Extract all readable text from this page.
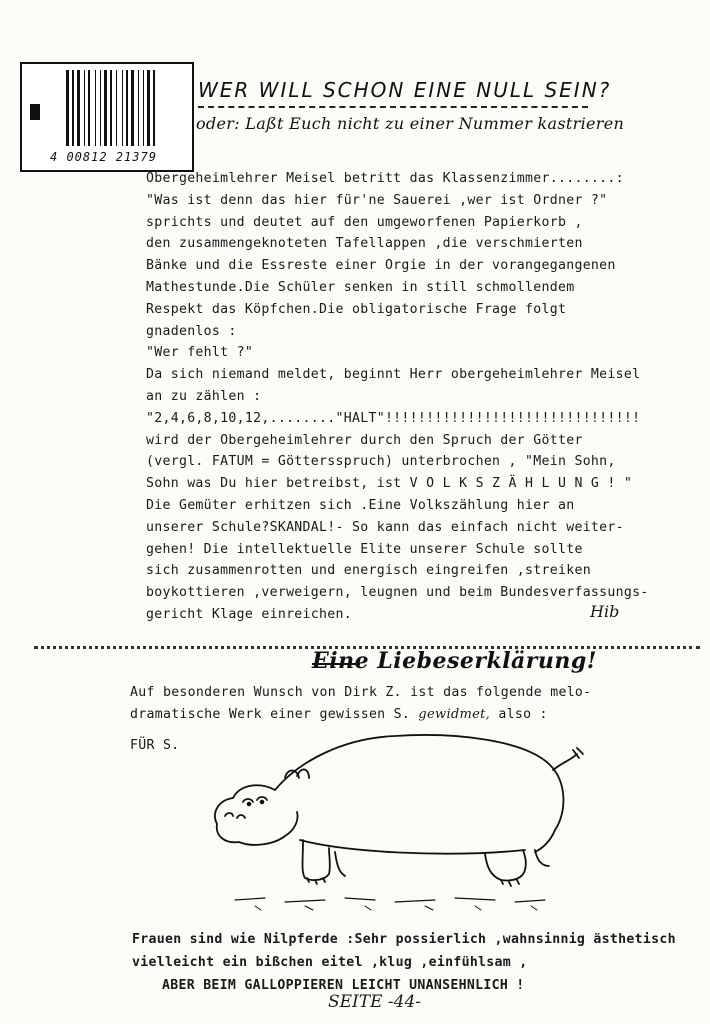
4 00812 21379
WER WILL SCHON EINE NULL SEIN?
oder: Laßt Euch nicht zu einer Nummer kastrieren
Obergeheimlehrer Meisel betritt das Klassenzimmer........:
"Was ist denn das hier für'ne Sauerei ,wer ist Ordner ?"
sprichts und deutet auf den umgeworfenen Papierkorb ,
den zusammengeknoteten Tafellappen ,die verschmierten
Bänke und die Essreste einer Orgie in der vorangegangenen
Mathestunde.Die Schüler senken in still schmollendem
Respekt das Köpfchen.Die obligatorische Frage folgt
gnadenlos :
"Wer fehlt ?"
Da sich niemand meldet, beginnt Herr obergeheimlehrer Meisel
an zu zählen :
"2,4,6,8,10,12,........"HALT"!!!!!!!!!!!!!!!!!!!!!!!!!!!!!!!
wird der Obergeheimlehrer durch den Spruch der Götter
(vergl. FATUM = Göttersspruch) unterbrochen , "Mein Sohn,
Sohn was Du hier betreibst, ist V O L K S Z Ä H L U N G ! "
Die Gemüter erhitzen sich .Eine Volkszählung hier an
unserer Schule?SKANDAL!- So kann das einfach nicht weiter-
gehen! Die intellektuelle Elite unserer Schule sollte
sich zusammenrotten und energisch eingreifen ,streiken
boykottieren ,verweigern, leugnen und beim Bundesverfassungs-
gericht Klage einreichen.	Hib
Eine Liebeserklärung!
Auf besonderen Wunsch von Dirk Z. ist das folgende melo-
dramatische Werk einer gewissen S. gewidmet, also :
FÜR S.
Frauen sind wie Nilpferde :Sehr possierlich ,wahnsinnig ästhetisch
vielleicht ein bißchen eitel ,klug ,einfühlsam ,
ABER BEIM GALLOPPIEREN LEICHT UNANSEHNLICH !
SEITE -44-
